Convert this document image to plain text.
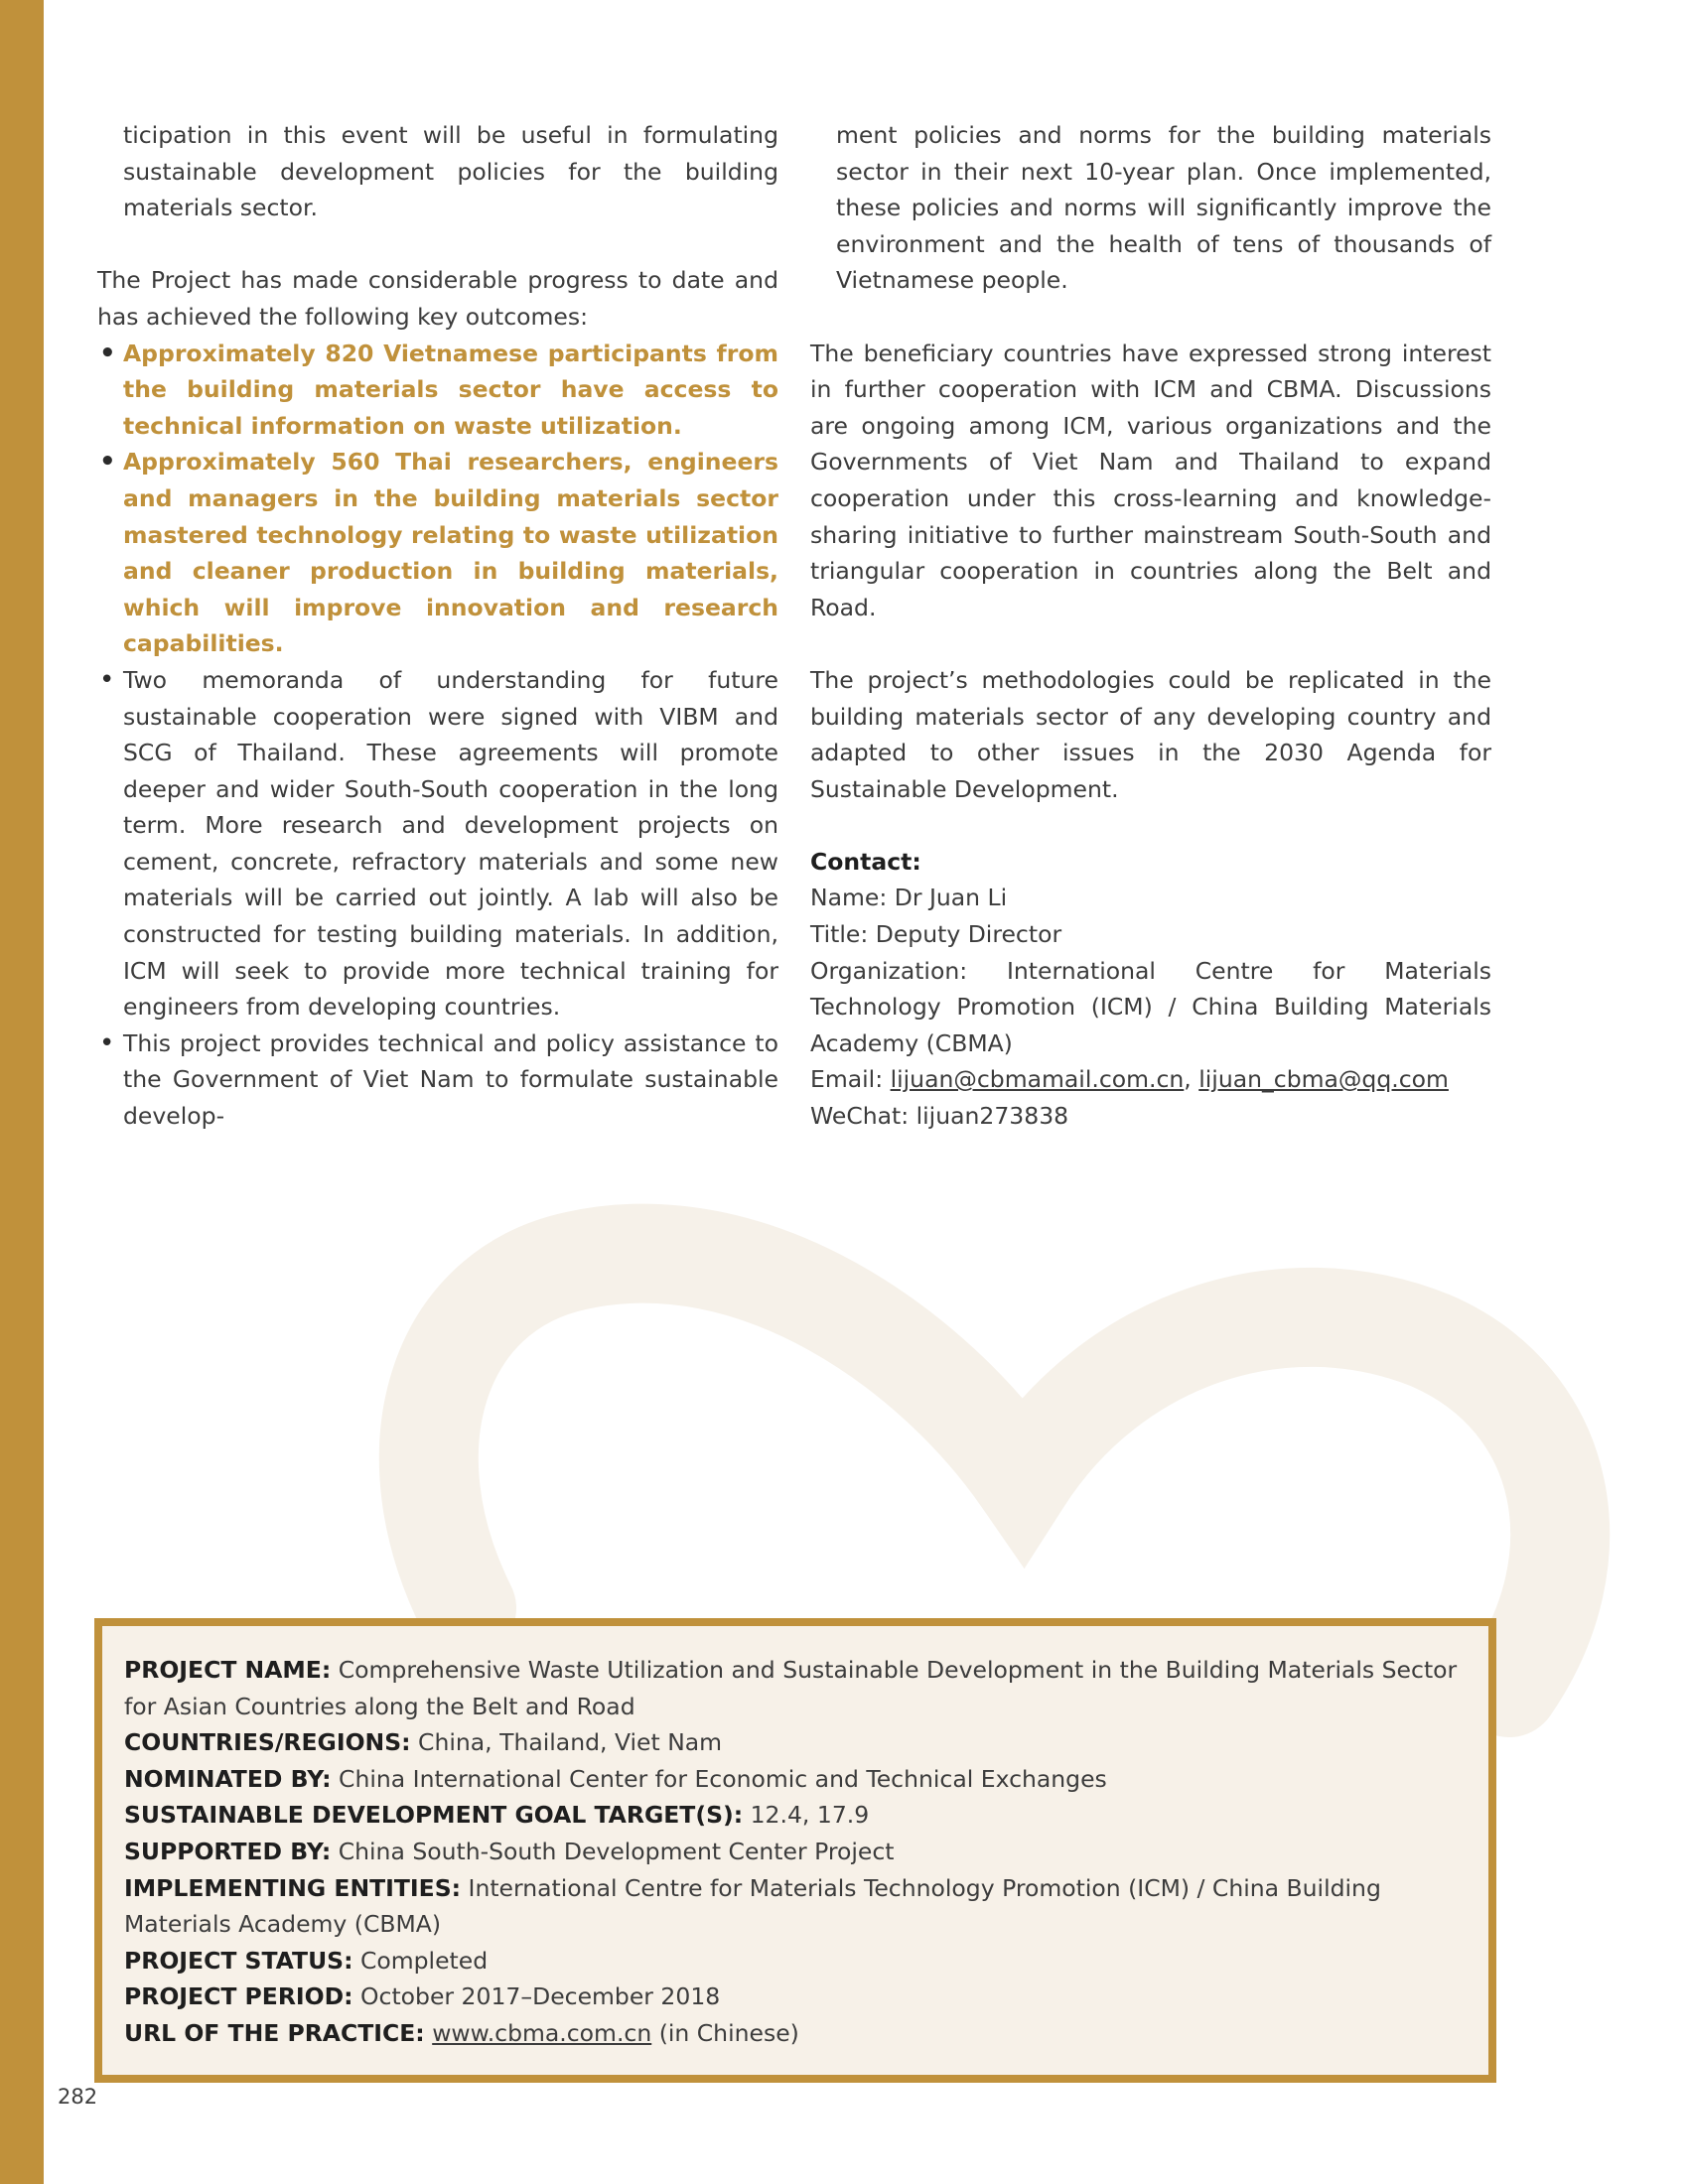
ticipation in this event will be useful in formulating sustainable development policies for the building materials sector.

The Project has made considerable progress to date and has achieved the following key outcomes:

• Approximately 820 Vietnamese participants from the building materials sector have access to technical information on waste utilization.
• Approximately 560 Thai researchers, engineers and managers in the building materials sector mastered technology relating to waste utilization and cleaner production in building materials, which will improve innovation and research capabilities.
• Two memoranda of understanding for future sustainable cooperation were signed with VIBM and SCG of Thailand. These agreements will promote deeper and wider South-South cooperation in the long term. More research and development projects on cement, concrete, refractory materials and some new materials will be carried out jointly. A lab will also be constructed for testing building materials. In addition, ICM will seek to provide more technical training for engineers from developing countries.
• This project provides technical and policy assistance to the Government of Viet Nam to formulate sustainable develop-

ment policies and norms for the building materials sector in their next 10-year plan. Once implemented, these policies and norms will significantly improve the environment and the health of tens of thousands of Vietnamese people.

The beneficiary countries have expressed strong interest in further cooperation with ICM and CBMA. Discussions are ongoing among ICM, various organizations and the Governments of Viet Nam and Thailand to expand cooperation under this cross-learning and knowledge-sharing initiative to further mainstream South-South and triangular cooperation in countries along the Belt and Road.

The project’s methodologies could be replicated in the building materials sector of any developing country and adapted to other issues in the 2030 Agenda for Sustainable Development.

Contact:

Name: Dr Juan Li

Title: Deputy Director

Organization: International Centre for Materials Technology Promotion (ICM) / China Building Materials Academy (CBMA)

Email: lijuan@cbmamail.com.cn, lijuan_cbma@qq.com

WeChat: lijuan273838

PROJECT NAME: Comprehensive Waste Utilization and Sustainable Development in the Building Materials Sector for Asian Countries along the Belt and Road

COUNTRIES/REGIONS: China, Thailand, Viet Nam

NOMINATED BY: China International Center for Economic and Technical Exchanges

SUSTAINABLE DEVELOPMENT GOAL TARGET(S): 12.4, 17.9

SUPPORTED BY: China South-South Development Center Project

IMPLEMENTING ENTITIES: International Centre for Materials Technology Promotion (ICM) / China Building Materials Academy (CBMA)

PROJECT STATUS: Completed

PROJECT PERIOD: October 2017–December 2018

URL OF THE PRACTICE: www.cbma.com.cn (in Chinese)

282
